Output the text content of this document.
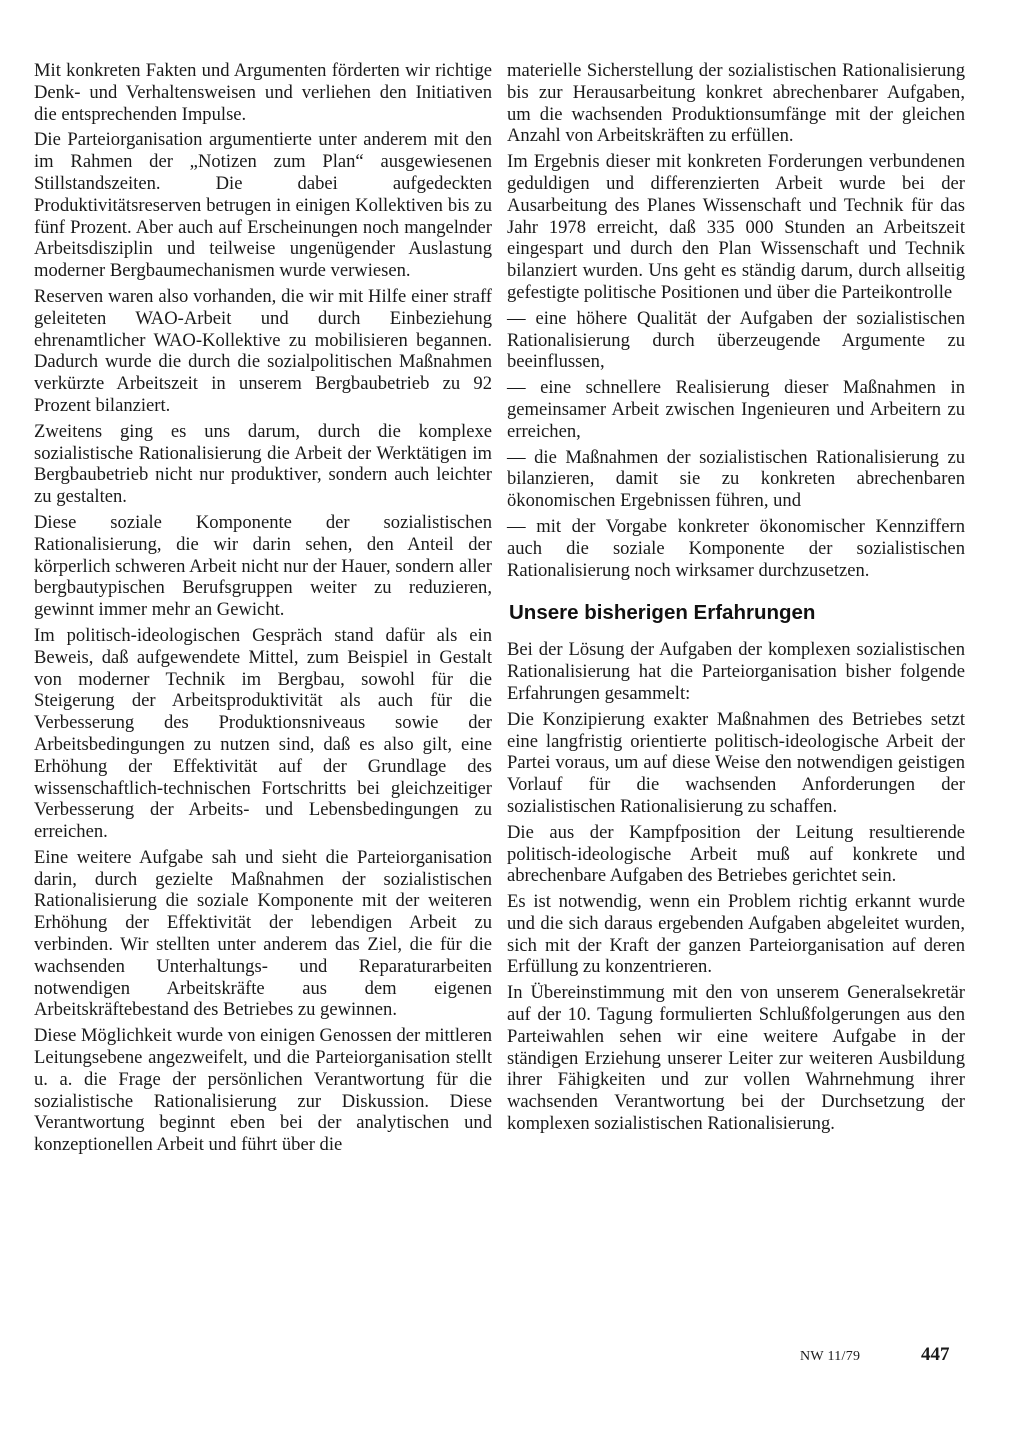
Mit konkreten Fakten und Argumenten förderten wir richtige Denk- und Verhaltensweisen und verliehen den Initiativen die entsprechenden Impulse.

Die Parteiorganisation argumentierte unter anderem mit den im Rahmen der „Notizen zum Plan“ ausgewiesenen Stillstandszeiten. Die dabei aufgedeckten Produktivitätsreserven betrugen in einigen Kollektiven bis zu fünf Prozent. Aber auch auf Erscheinungen noch mangelnder Arbeitsdisziplin und teilweise ungenügender Auslastung moderner Bergbaumechanismen wurde verwiesen.

Reserven waren also vorhanden, die wir mit Hilfe einer straff geleiteten WAO-Arbeit und durch Einbeziehung ehrenamtlicher WAO-Kollektive zu mobilisieren begannen. Dadurch wurde die durch die sozialpolitischen Maßnahmen verkürzte Arbeitszeit in unserem Bergbaubetrieb zu 92 Prozent bilanziert.

Zweitens ging es uns darum, durch die komplexe sozialistische Rationalisierung die Arbeit der Werktätigen im Bergbaubetrieb nicht nur produktiver, sondern auch leichter zu gestalten.

Diese soziale Komponente der sozialistischen Rationalisierung, die wir darin sehen, den Anteil der körperlich schweren Arbeit nicht nur der Hauer, sondern aller bergbautypischen Berufsgruppen weiter zu reduzieren, gewinnt immer mehr an Gewicht.

Im politisch-ideologischen Gespräch stand dafür als ein Beweis, daß aufgewendete Mittel, zum Beispiel in Gestalt von moderner Technik im Bergbau, sowohl für die Steigerung der Arbeitsproduktivität als auch für die Verbesserung des Produktionsniveaus sowie der Arbeitsbedingungen zu nutzen sind, daß es also gilt, eine Erhöhung der Effektivität auf der Grundlage des wissenschaftlich-technischen Fortschritts bei gleichzeitiger Verbesserung der Arbeits- und Lebensbedingungen zu erreichen.

Eine weitere Aufgabe sah und sieht die Parteiorganisation darin, durch gezielte Maßnahmen der sozialistischen Rationalisierung die soziale Komponente mit der weiteren Erhöhung der Effektivität der lebendigen Arbeit zu verbinden. Wir stellten unter anderem das Ziel, die für die wachsenden Unterhaltungs- und Reparaturarbeiten notwendigen Arbeitskräfte aus dem eigenen Arbeitskräftebestand des Betriebes zu gewinnen.

Diese Möglichkeit wurde von einigen Genossen der mittleren Leitungsebene angezweifelt, und die Parteiorganisation stellt u. a. die Frage der persönlichen Verantwortung für die sozialistische Rationalisierung zur Diskussion. Diese Verantwortung beginnt eben bei der analytischen und konzeptionellen Arbeit und führt über die

materielle Sicherstellung der sozialistischen Rationalisierung bis zur Herausarbeitung konkret abrechenbarer Aufgaben, um die wachsenden Produktionsumfänge mit der gleichen Anzahl von Arbeitskräften zu erfüllen.

Im Ergebnis dieser mit konkreten Forderungen verbundenen geduldigen und differenzierten Arbeit wurde bei der Ausarbeitung des Planes Wissenschaft und Technik für das Jahr 1978 erreicht, daß 335 000 Stunden an Arbeitszeit eingespart und durch den Plan Wissenschaft und Technik bilanziert wurden. Uns geht es ständig darum, durch allseitig gefestigte politische Positionen und über die Parteikontrolle

— eine höhere Qualität der Aufgaben der sozialistischen Rationalisierung durch überzeugende Argumente zu beeinflussen,

— eine schnellere Realisierung dieser Maßnahmen in gemeinsamer Arbeit zwischen Ingenieuren und Arbeitern zu erreichen,

— die Maßnahmen der sozialistischen Rationalisierung zu bilanzieren, damit sie zu konkreten abrechenbaren ökonomischen Ergebnissen führen, und

— mit der Vorgabe konkreter ökonomischer Kennziffern auch die soziale Komponente der sozialistischen Rationalisierung noch wirksamer durchzusetzen.

Unsere bisherigen Erfahrungen

Bei der Lösung der Aufgaben der komplexen sozialistischen Rationalisierung hat die Parteiorganisation bisher folgende Erfahrungen gesammelt:

Die Konzipierung exakter Maßnahmen des Betriebes setzt eine langfristig orientierte politisch-ideologische Arbeit der Partei voraus, um auf diese Weise den notwendigen geistigen Vorlauf für die wachsenden Anforderungen der sozialistischen Rationalisierung zu schaffen.

Die aus der Kampfposition der Leitung resultierende politisch-ideologische Arbeit muß auf konkrete und abrechenbare Aufgaben des Betriebes gerichtet sein.

Es ist notwendig, wenn ein Problem richtig erkannt wurde und die sich daraus ergebenden Aufgaben abgeleitet wurden, sich mit der Kraft der ganzen Parteiorganisation auf deren Erfüllung zu konzentrieren.

In Übereinstimmung mit den von unserem Generalsekretär auf der 10. Tagung formulierten Schlußfolgerungen aus den Parteiwahlen sehen wir eine weitere Aufgabe in der ständigen Erziehung unserer Leiter zur weiteren Ausbildung ihrer Fähigkeiten und zur vollen Wahrnehmung ihrer wachsenden Verantwortung bei der Durchsetzung der komplexen sozialistischen Rationalisierung.

NW 11/79	447
